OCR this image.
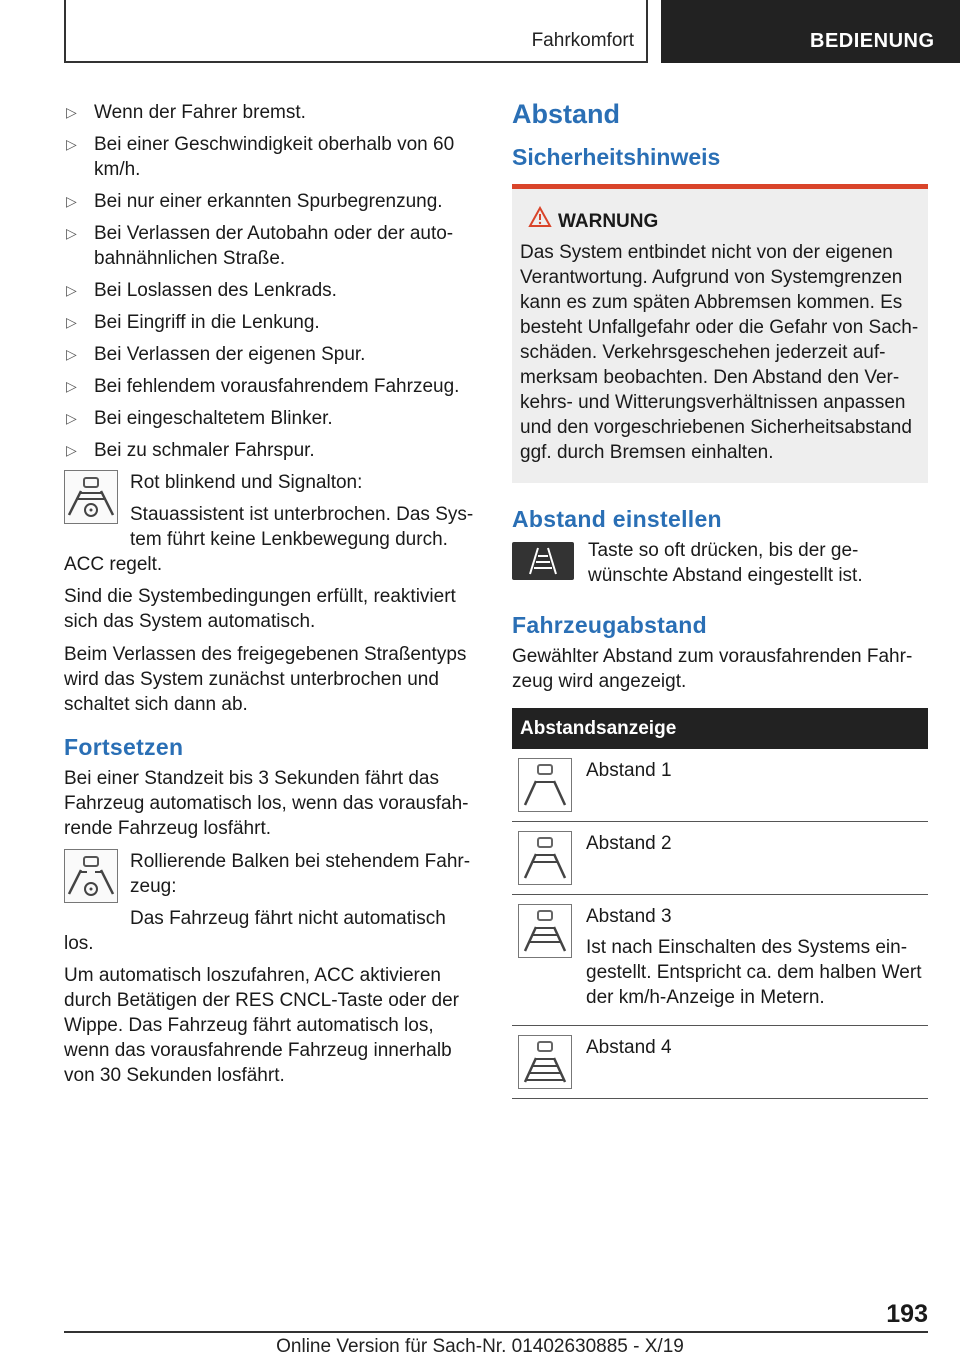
Fahrkomfort	BEDIENUNG
▷ Wenn der Fahrer bremst.
▷ Bei einer Geschwindigkeit oberhalb von 60 km/h.
▷ Bei nur einer erkannten Spurbegrenzung.
▷ Bei Verlassen der Autobahn oder der auto-bahnähnlichen Straße.
▷ Bei Loslassen des Lenkrads.
▷ Bei Eingriff in die Lenkung.
▷ Bei Verlassen der eigenen Spur.
▷ Bei fehlendem vorausfahrendem Fahrzeug.
▷ Bei eingeschaltetem Blinker.
▷ Bei zu schmaler Fahrspur.

Rot blinkend und Signalton:

Stauassistent ist unterbrochen. Das Sys-tem führt keine Lenkbewegung durch. ACC regelt.

Sind die Systembedingungen erfüllt, reaktiviert sich das System automatisch.

Beim Verlassen des freigegebenen Straßentyps wird das System zunächst unterbrochen und schaltet sich dann ab.

Fortsetzen

Bei einer Standzeit bis 3 Sekunden fährt das Fahrzeug automatisch los, wenn das vorausfah-rende Fahrzeug losfährt.

Rollierende Balken bei stehendem Fahr-zeug:

Das Fahrzeug fährt nicht automatisch los.

Um automatisch loszufahren, ACC aktivieren durch Betätigen der RES CNCL-Taste oder der Wippe. Das Fahrzeug fährt automatisch los, wenn das vorausfahrende Fahrzeug innerhalb von 30 Sekunden losfährt.

Abstand
Sicherheitshinweis
WARNUNG

Das System entbindet nicht von der eigenen Verantwortung. Aufgrund von Systemgrenzen kann es zum späten Abbremsen kommen. Es besteht Unfallgefahr oder die Gefahr von Sach-schäden. Verkehrsgeschehen jederzeit auf-merksam beobachten. Den Abstand den Ver-kehrs- und Witterungsverhältnissen anpassen und den vorgeschriebenen Sicherheitsabstand ggf. durch Bremsen einhalten.

Abstand einstellen

Taste so oft drücken, bis der ge-wünschte Abstand eingestellt ist.

Fahrzeugabstand

Gewählter Abstand zum vorausfahrenden Fahr-zeug wird angezeigt.

Abstandsanzeige	

Abstand 1

Abstand 2

Abstand 3

Ist nach Einschalten des Systems ein-gestellt. Entspricht ca. dem halben Wert der km/h-Anzeige in Metern.

Abstand 4

193
Online Version für Sach-Nr. 01402630885 - X/19
